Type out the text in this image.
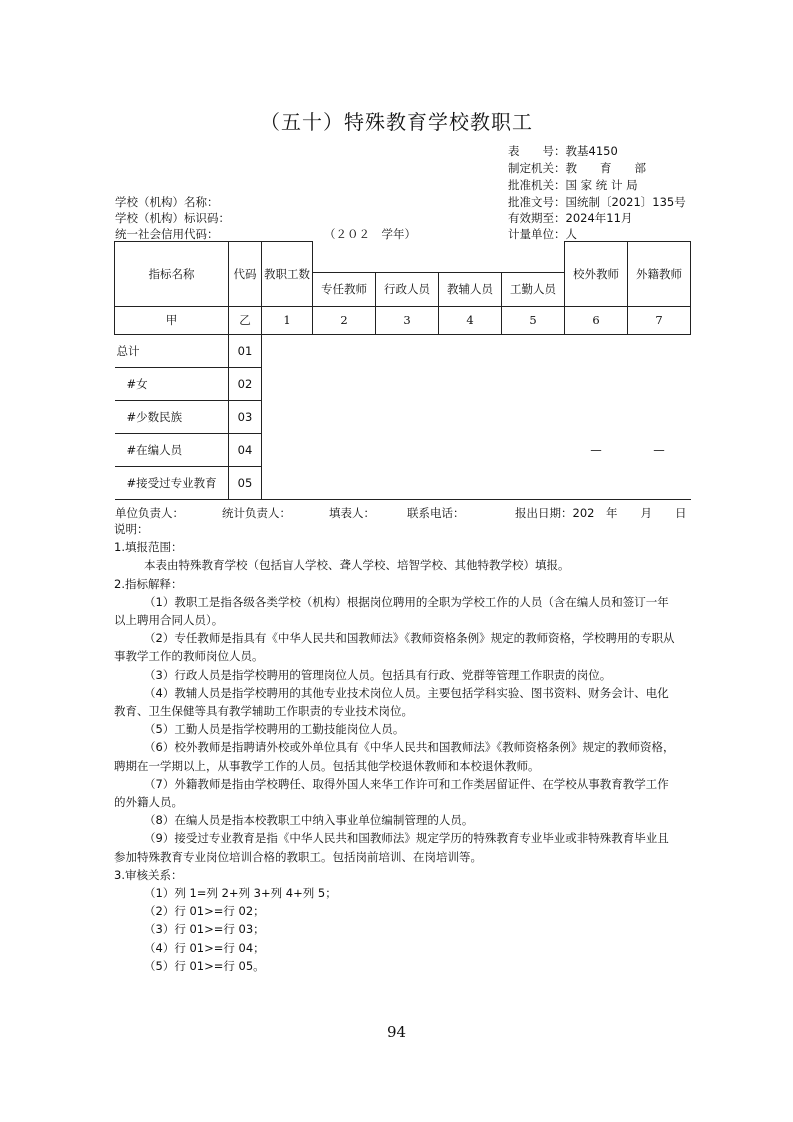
（五十）特殊教育学校教职工
表　　号：教基4150
制定机关：教　　育　　部
批准机关：国 家 统 计 局
批准文号：国统制〔2021〕135号
有效期至：2024年11月
计量单位：人
学校（机构）名称：
学校（机构）标识码：
统一社会信用代码：	（２０２　学年）
指标名称	代码	教职工数					校外教师	外籍教师
			专任教师	行政人员	教辅人员	工勤人员		
甲	乙	1	2	3	4	5	6	7
总计	01							
#女	02							
#少数民族	03							
#在编人员	04						—	—
#接受过专业教育	05							
单位负责人：	统计负责人：	填表人：	联系电话：	报出日期：202　年　　月　　日

说明：

1.填报范围：

本表由特殊教育学校（包括盲人学校、聋人学校、培智学校、其他特教学校）填报。

2.指标解释：

（1）教职工是指各级各类学校（机构）根据岗位聘用的全职为学校工作的人员（含在编人员和签订一年

以上聘用合同人员）。

（2）专任教师是指具有《中华人民共和国教师法》《教师资格条例》规定的教师资格，学校聘用的专职从

事教学工作的教师岗位人员。

（3）行政人员是指学校聘用的管理岗位人员。包括具有行政、党群等管理工作职责的岗位。

（4）教辅人员是指学校聘用的其他专业技术岗位人员。主要包括学科实验、图书资料、财务会计、电化

教育、卫生保健等具有教学辅助工作职责的专业技术岗位。

（5）工勤人员是指学校聘用的工勤技能岗位人员。

（6）校外教师是指聘请外校或外单位具有《中华人民共和国教师法》《教师资格条例》规定的教师资格，

聘期在一学期以上，从事教学工作的人员。包括其他学校退休教师和本校退休教师。

（7）外籍教师是指由学校聘任、取得外国人来华工作许可和工作类居留证件、在学校从事教育教学工作

的外籍人员。

（8）在编人员是指本校教职工中纳入事业单位编制管理的人员。

（9）接受过专业教育是指《中华人民共和国教师法》规定学历的特殊教育专业毕业或非特殊教育毕业且

参加特殊教育专业岗位培训合格的教职工。包括岗前培训、在岗培训等。

3.审核关系：

（1）列 1=列 2+列 3+列 4+列 5；

（2）行 01>=行 02；

（3）行 01>=行 03；

（4）行 01>=行 04；

（5）行 01>=行 05。

94
